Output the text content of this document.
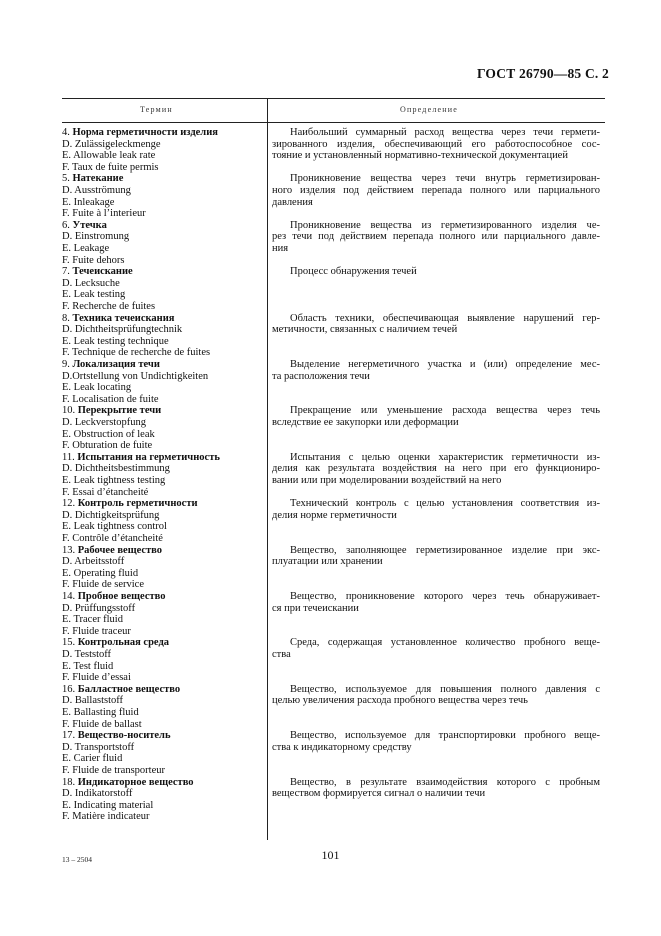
ГОСТ 26790—85 С. 2
Термин	Определение
4. Норма герметичности изделия
D. Zulässigeleckmenge
E. Allowable leak rate
F. Taux de fuite permis
Наибольший суммарный расход вещества через течи гермети-
зированного изделия, обеспечивающий его работоспособное сос-
тояние и установленный нормативно-технической документацией
5. Натекание
D. Ausströmung
E. Inleakage
F. Fuite à l’interieur
Проникновение вещества через течи внутрь герметизирован-
ного изделия под действием перепада полного или парциального
давления
6. Утечка
D. Einstromung
E. Leakage
F. Fuite dehors
Проникновение вещества из герметизированного изделия че-
рез течи под действием перепада полного или парциального давле-
ния
7. Течеискание
D. Lecksuche
E. Leak testing
F. Recherche de fuites
Процесс обнаружения течей
8. Техника течеискания
D. Dichtheitsprüfungtechnik
E. Leak testing technique
F. Technique de recherche de fuites
Область техники, обеспечивающая выявление нарушений гер-
метичности, связанных с наличием течей
9. Локализация течи
D.Ortstellung von Undichtigkeiten
E. Leak locating
F. Localisation de fuite
Выделение негерметичного участка и (или) определение мес-
та расположения течи
10. Перекрытие течи
D. Leckverstopfung
E. Obstruction of leak
F. Obturation de fuite
Прекращение или уменьшение расхода вещества через течь
вследствие ее закупорки или деформации
11. Испытания на герметичность
D. Dichtheitsbestimmung
E. Leak tightness testing
F. Essai d’étancheité
Испытания с целью оценки характеристик герметичности из-
делия как результата воздействия на него при его функциониро-
вании или при моделировании воздействий на него
12. Контроль герметичности
D. Dichtigkeitsprüfung
E. Leak tightness control
F. Contrôle d’étancheité
Технический контроль с целью установления соответствия из-
делия норме герметичности
13. Рабочее вещество
D. Arbeitsstoff
E. Operating fluid
F. Fluide de service
Вещество, заполняющее герметизированное изделие при экс-
плуатации или хранении
14. Пробное вещество
D. Prüffungsstoff
E. Tracer fluid
F. Fluide traceur
Вещество, проникновение которого через течь обнаруживает-
ся при течеискании
15. Контрольная среда
D. Teststoff
E. Test fluid
F. Fluide d’essai
Среда, содержащая установленное количество пробного веще-
ства
16. Балластное вещество
D. Ballaststoff
E. Ballasting fluid
F. Fluide de ballast
Вещество, используемое для повышения полного давления с
целью увеличения расхода пробного вещества через течь
17. Вещество-носитель
D. Transportstoff
E. Carier fluid
F. Fluide de transporteur
Вещество, используемое для транспортировки пробного веще-
ства к индикаторному средству
18. Индикаторное вещество
D. Indikatorstoff
E. Indicating material
F. Matière indicateur
Вещество, в результате взаимодействия которого с пробным
веществом формируется сигнал о наличии течи
13 – 2504	101
